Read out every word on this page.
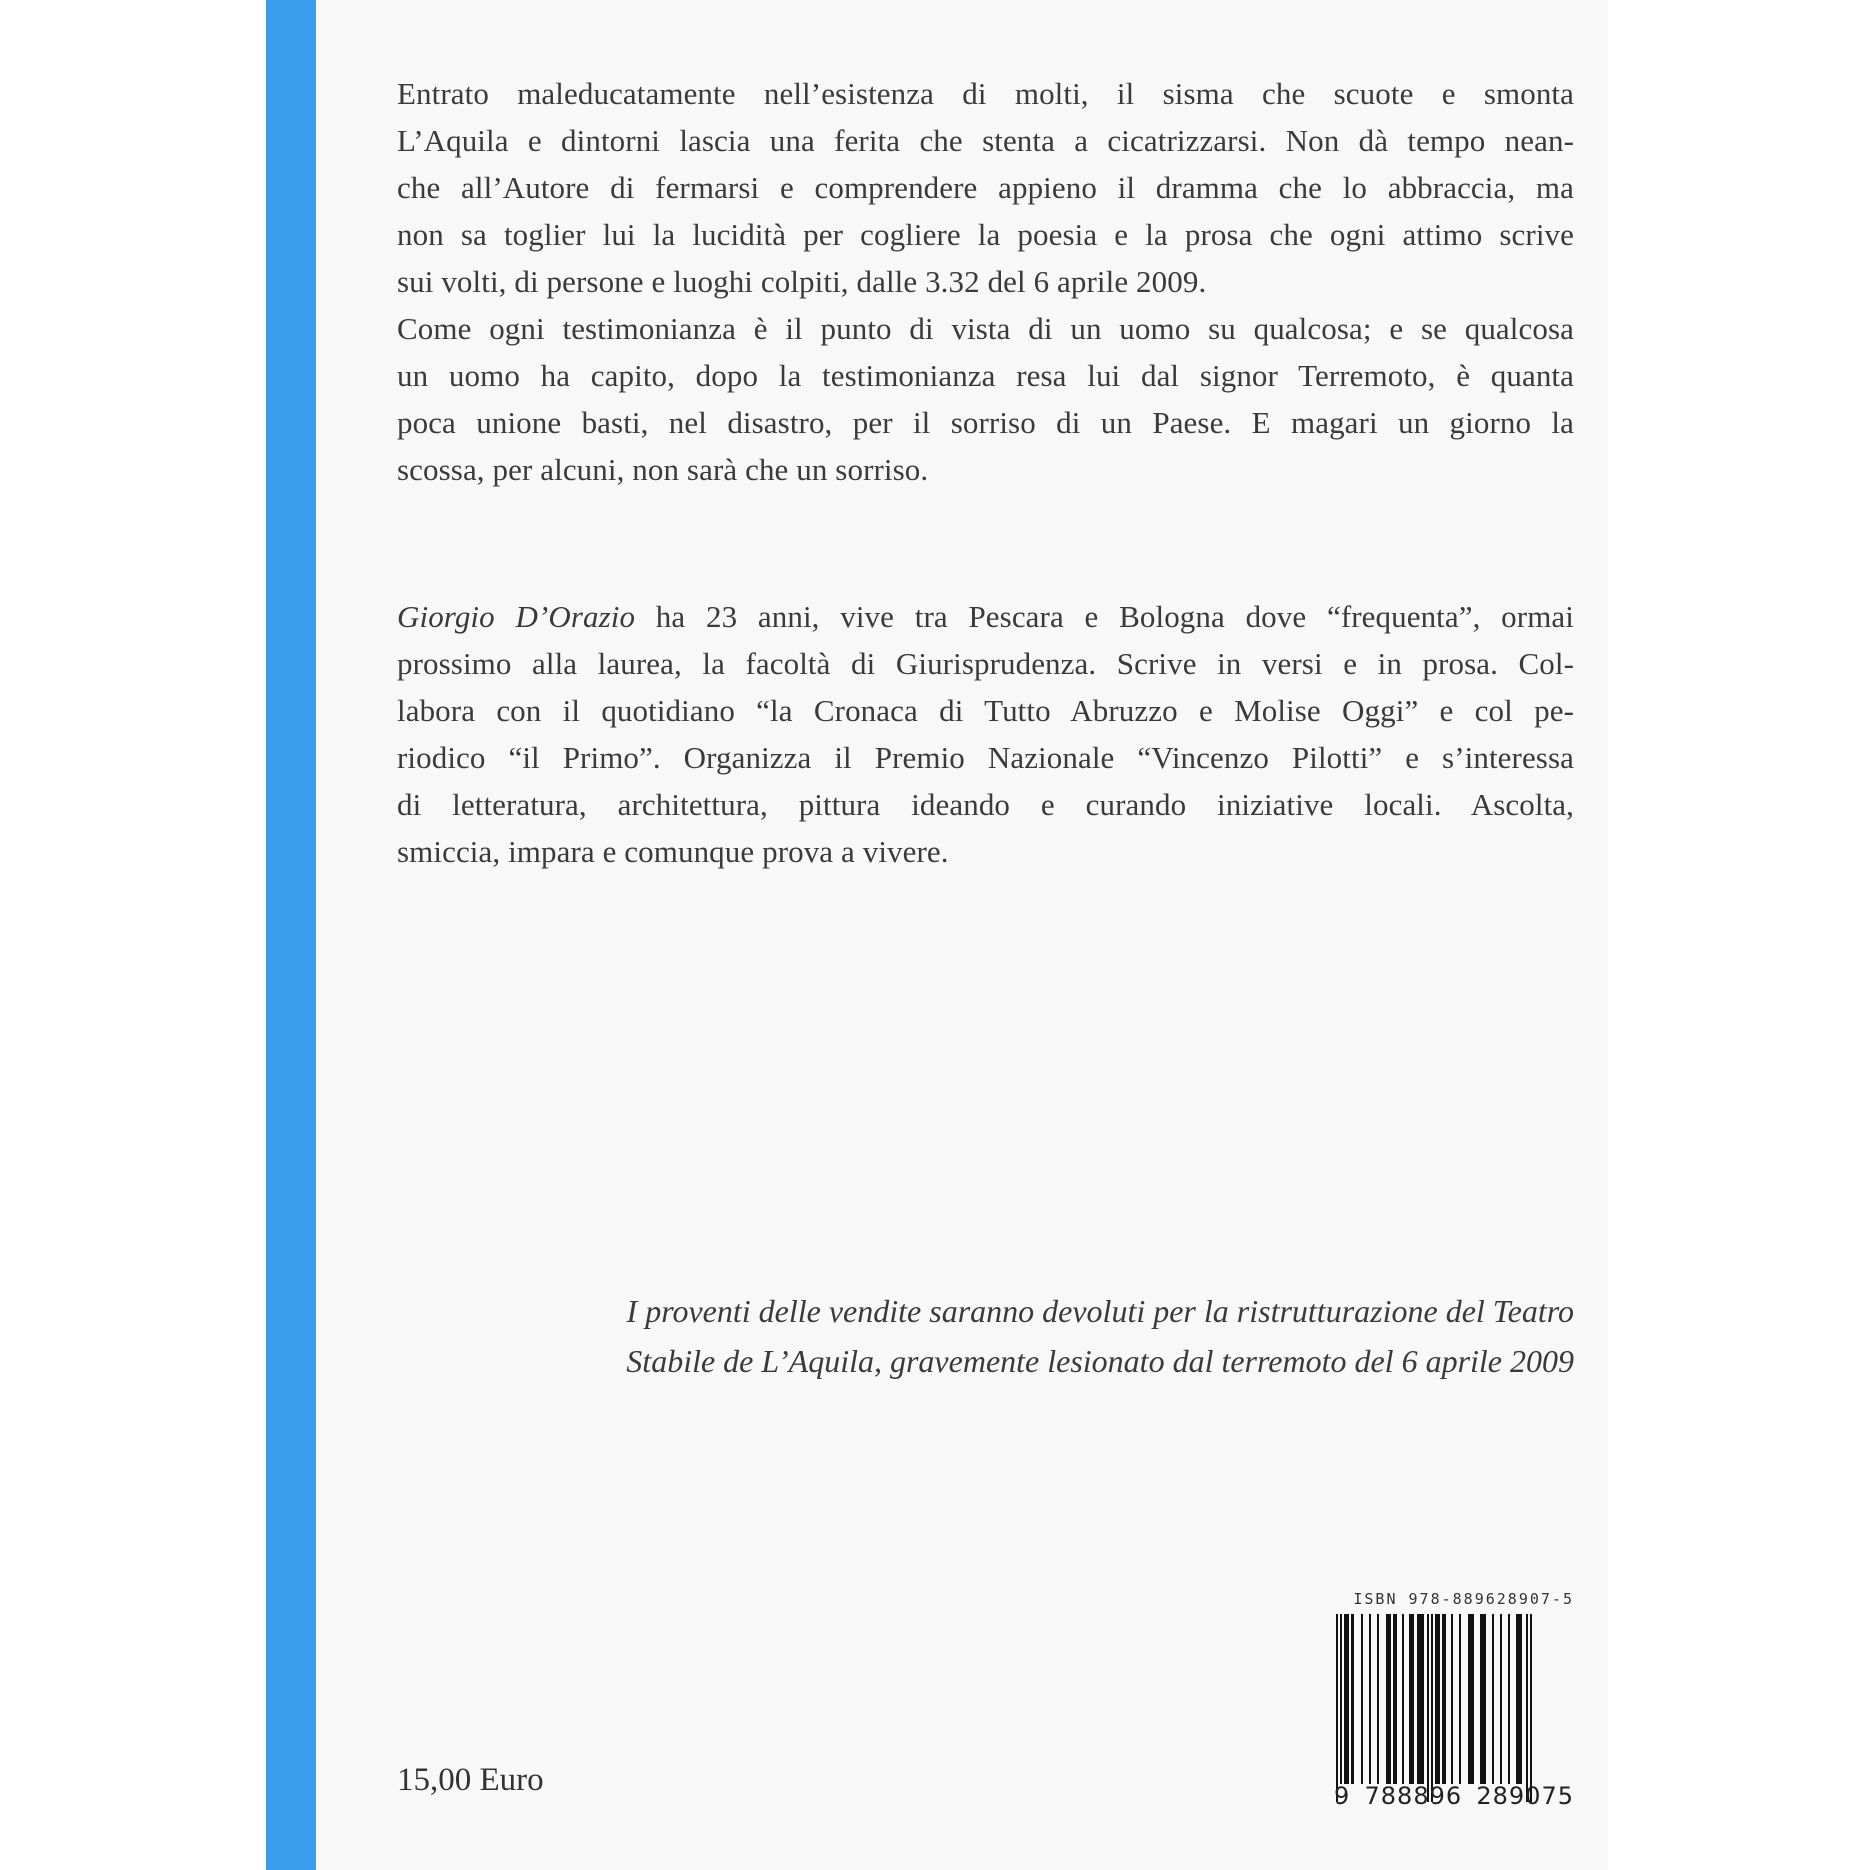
Entrato maleducatamente nell’esistenza di molti, il sisma che scuote e smonta
L’Aquila e dintorni lascia una ferita che stenta a cicatrizzarsi. Non dà tempo nean-
che all’Autore di fermarsi e comprendere appieno il dramma che lo abbraccia, ma
non sa toglier lui la lucidità per cogliere la poesia e la prosa che ogni attimo scrive
sui volti, di persone e luoghi colpiti, dalle 3.32 del 6 aprile 2009.
Come ogni testimonianza è il punto di vista di un uomo su qualcosa; e se qualcosa
un uomo ha capito, dopo la testimonianza resa lui dal signor Terremoto, è quanta
poca unione basti, nel disastro, per il sorriso di un Paese. E magari un giorno la
scossa, per alcuni, non sarà che un sorriso.
Giorgio D’Orazio ha 23 anni, vive tra Pescara e Bologna dove “frequenta”, ormai
prossimo alla laurea, la facoltà di Giurisprudenza. Scrive in versi e in prosa. Col-
labora con il quotidiano “la Cronaca di Tutto Abruzzo e Molise Oggi” e col pe-
riodico “il Primo”. Organizza il Premio Nazionale “Vincenzo Pilotti” e s’interessa
di letteratura, architettura, pittura ideando e curando iniziative locali. Ascolta,
smiccia, impara e comunque prova a vivere.
I proventi delle vendite saranno devoluti per la ristrutturazione del Teatro
Stabile de L’Aquila, gravemente lesionato dal terremoto del 6 aprile 2009
ISBN 978-889628907-5
9 788896 289075
15,00 Euro
